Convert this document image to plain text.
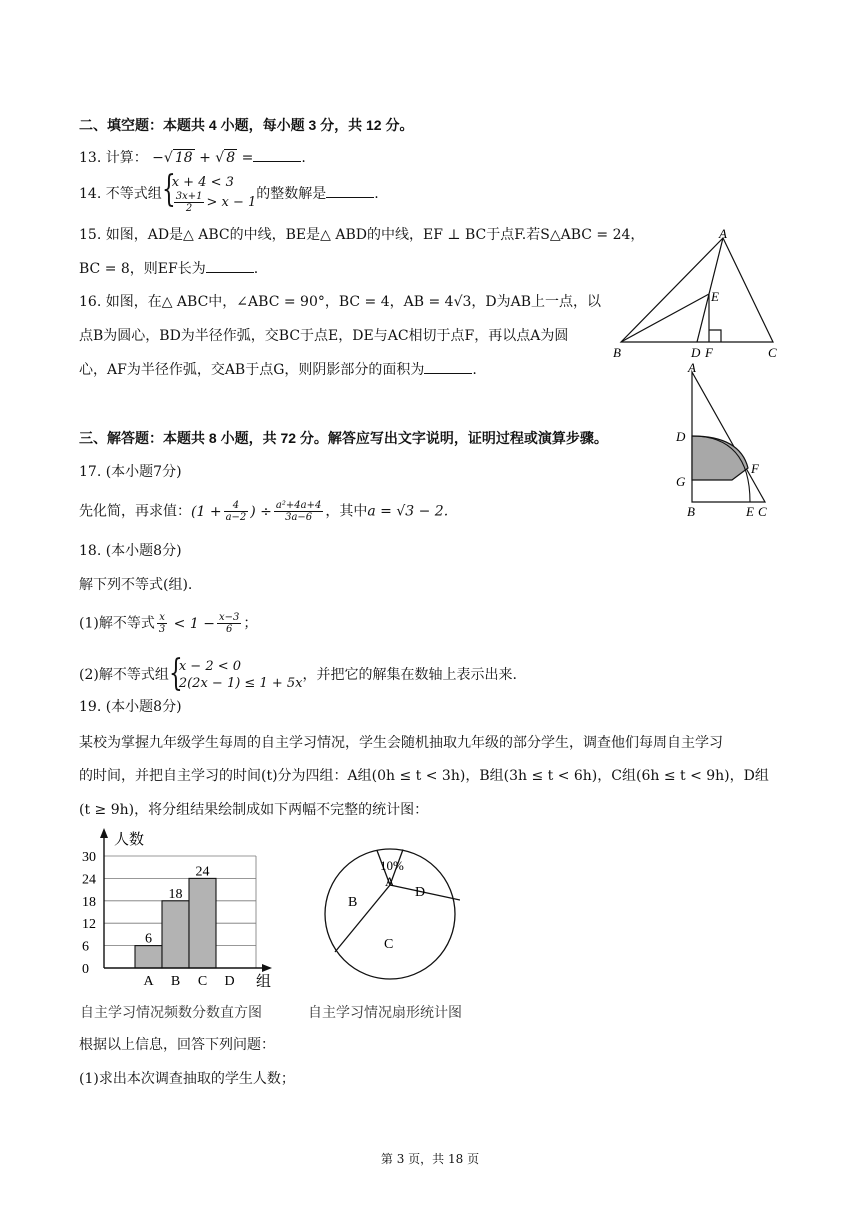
二、填空题：本题共 4 小题，每小题 3 分，共 12 分。
13. 计算： −√ 18 + √ 8 =	.
14. 不等式组 {
x + 4 < 3
$\frac{3x+1}{2} > x - 1$
的整数解是	.
15. 如图，AD是△ ABC的中线，BE是△ ABD的中线，EF ⊥ BC于点F.若S△ABC = 24，
BC = 8，则EF长为	.
16. 如图，在△ ABC中，∠ABC = 90°，BC = 4，AB = 4√3，D为AB上一点，以
点B为圆心，BD为半径作弧，交BC于点E，DE与AC相切于点F，再以点A为圆
心，AF为半径作弧，交AB于点G，则阴影部分的面积为	.
A
E
B	D F	C
A
D
F
G
B	E C
三、解答题：本题共 8 小题，共 72 分。解答应写出文字说明，证明过程或演算步骤。
17. (本小题7分)
先化简，再求值：($1 + \frac{4}{a-2}$ ) ÷ $\frac{\text{a²+4a+4}}{3a-6}$ ，其中a = √3 − 2.
18. (本小题8分)
解下列不等式(组).
(1)解不等式 $\frac{x}{3} < 1 - \frac{x-3}{6}$ ；
(2)解不等式组 {
x − 2 < 0
2(2x − 1) ≤ 1 + 5x
，并把它的解集在数轴上表示出来.
19. (本小题8分)
某校为掌握九年级学生每周的自主学习情况，学生会随机抽取九年级的部分学生，调查他们每周自主学习
的时间，并把自主学习的时间(t)分为四组：A组(0h ≤ t < 3h)，B组(3h ≤ t < 6h)，C组(6h ≤ t < 9h)，D组
(t ≥ 9h)，将分组结果绘制成如下两幅不完整的统计图：
0
6
12
18
24
30
A B C D
6
18
24
人数
组
自主学习情况频数分数直方图
10%
A
D
C
B
自主学习情况扇形统计图
根据以上信息，回答下列问题：
(1)求出本次调查抽取的学生人数；
第 3 页，共 18 页
